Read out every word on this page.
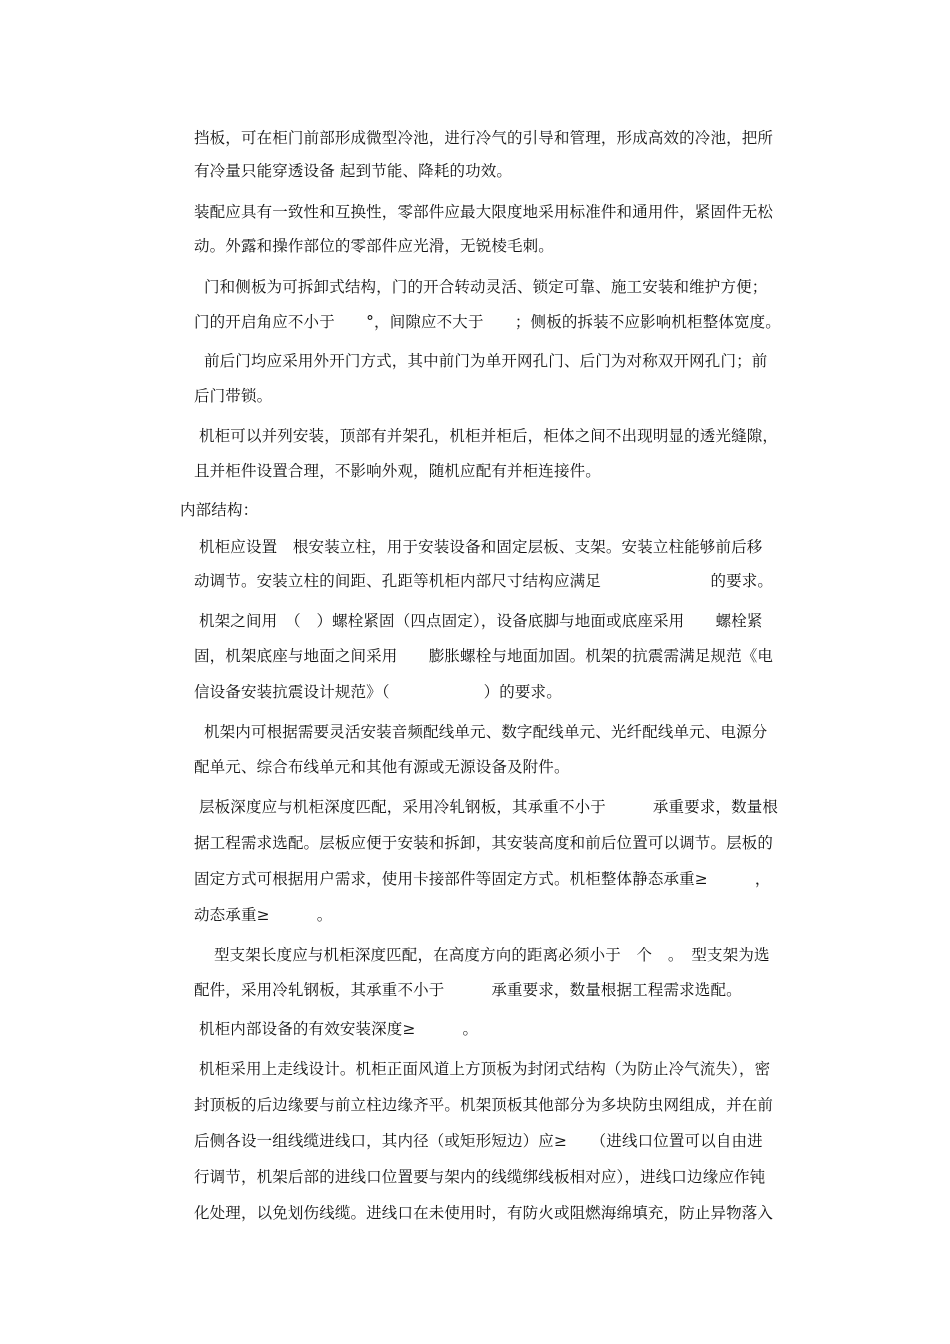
挡板，可在柜门前部形成微型冷池，进行冷气的引导和管理，形成高效的冷池，把所
有冷量只能穿透设备 起到节能、降耗的功效。
装配应具有一致性和互换性，零部件应最大限度地采用标准件和通用件，紧固件无松
动。外露和操作部位的零部件应光滑，无锐棱毛刺。
门和侧板为可拆卸式结构，门的开合转动灵活、锁定可靠、施工安装和维护方便；
门的开启角应不小于　　°，间隙应不大于　　；侧板的拆装不应影响机柜整体宽度。
前后门均应采用外开门方式，其中前门为单开网孔门、后门为对称双开网孔门；前
后门带锁。
机柜可以并列安装，顶部有并架孔，机柜并柜后，柜体之间不出现明显的透光缝隙，
且并柜件设置合理，不影响外观，随机应配有并柜连接件。
内部结构：
机柜应设置　根安装立柱，用于安装设备和固定层板、支架。安装立柱能够前后移
动调节。安装立柱的间距、孔距等机柜内部尺寸结构应满足　　　　　　　的要求。
机架之间用　（　）螺栓紧固（四点固定），设备底脚与地面或底座采用　　螺栓紧
固，机架底座与地面之间采用　　膨胀螺栓与地面加固。机架的抗震需满足规范《电
信设备安装抗震设计规范》（　　　　　　）的要求。
机架内可根据需要灵活安装音频配线单元、数字配线单元、光纤配线单元、电源分
配单元、综合布线单元和其他有源或无源设备及附件。
层板深度应与机柜深度匹配，采用冷轧钢板，其承重不小于　　　承重要求，数量根
据工程需求选配。层板应便于安装和拆卸，其安装高度和前后位置可以调节。层板的
固定方式可根据用户需求，使用卡接部件等固定方式。机柜整体静态承重≥　　　，
动态承重≥　　　。
型支架长度应与机柜深度匹配，在高度方向的距离必须小于　个　。　型支架为选
配件，采用冷轧钢板，其承重不小于　　　承重要求，数量根据工程需求选配。
机柜内部设备的有效安装深度≥　　　。
机柜采用上走线设计。机柜正面风道上方顶板为封闭式结构（为防止冷气流失），密
封顶板的后边缘要与前立柱边缘齐平。机架顶板其他部分为多块防虫网组成，并在前
后侧各设一组线缆进线口，其内径（或矩形短边）应≥　　（进线口位置可以自由进
行调节，机架后部的进线口位置要与架内的线缆绑线板相对应），进线口边缘应作钝
化处理，以免划伤线缆。进线口在未使用时，有防火或阻燃海绵填充，防止异物落入
